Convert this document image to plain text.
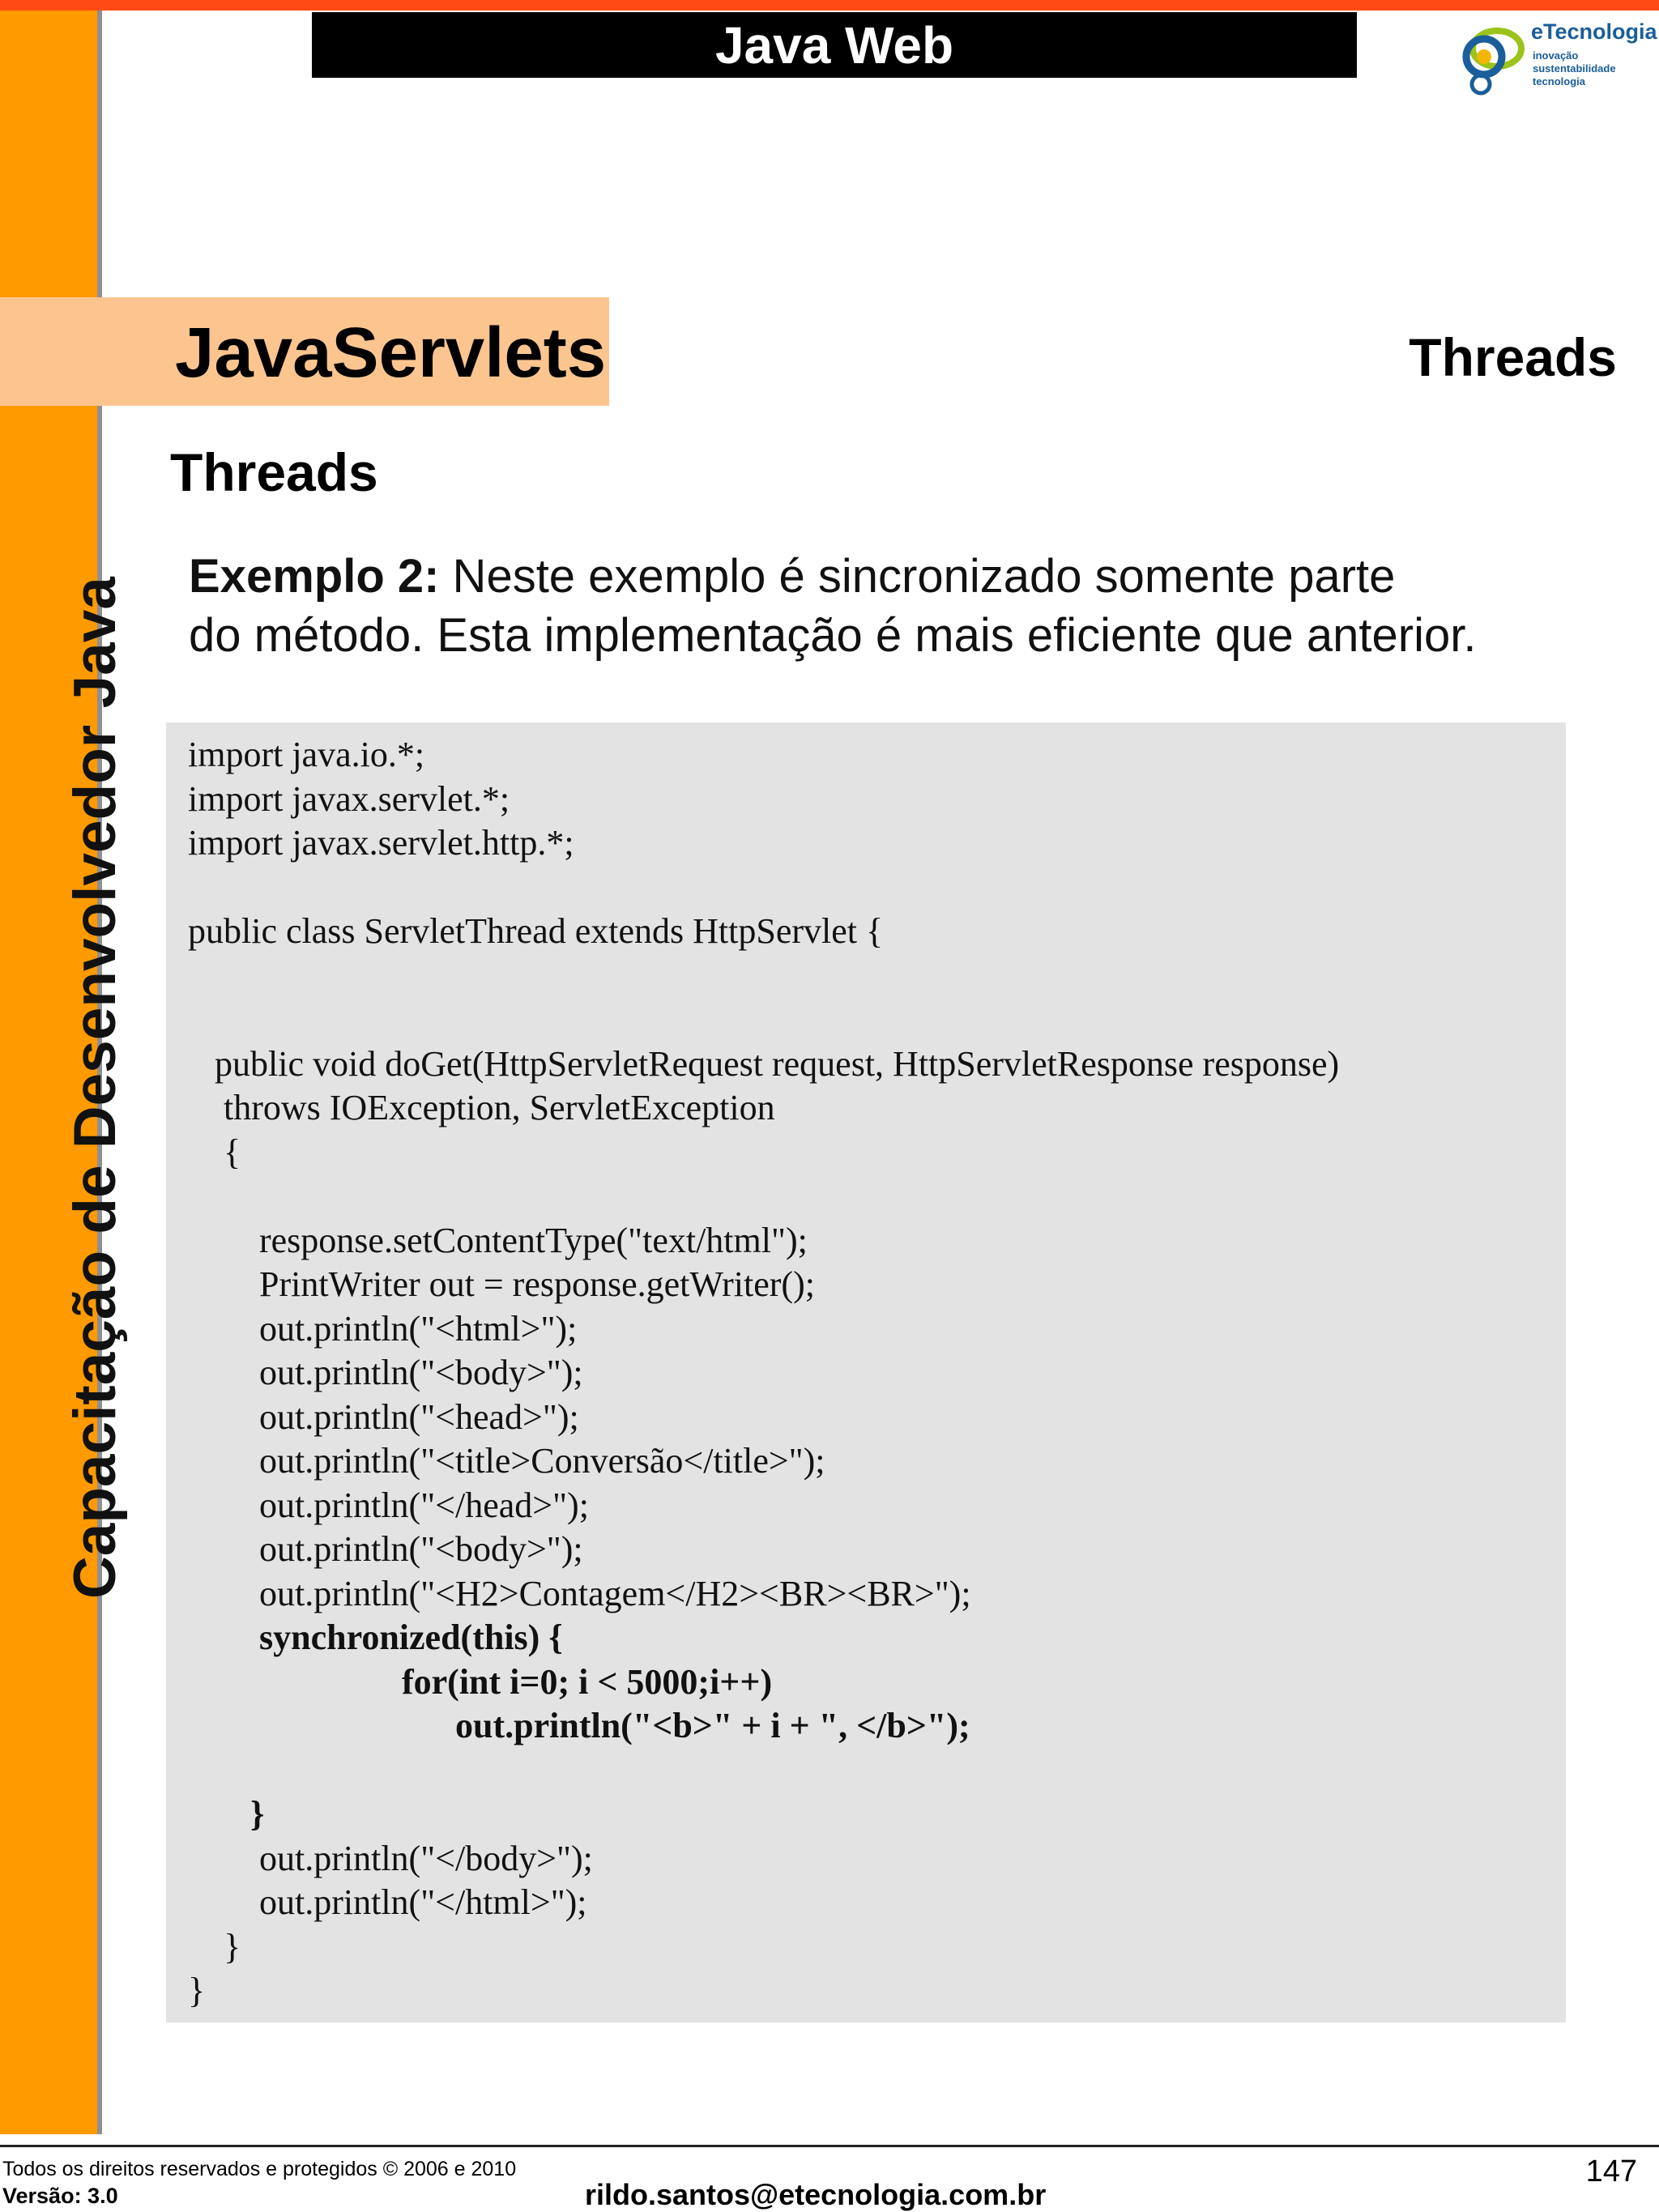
Capacitação de Desenvolvedor Java
Java Web	eTecnologia
inovação
sustentabilidade
tecnologia
JavaServlets	Threads
Threads
Exemplo 2: Neste exemplo é sincronizado somente parte
do método. Esta implementação é mais eficiente que anterior.
import java.io.*;
import javax.servlet.*;
import javax.servlet.http.*;
public class ServletThread extends HttpServlet {
public void doGet(HttpServletRequest request, HttpServletResponse response)
throws IOException, ServletException
{
response.setContentType("text/html");
PrintWriter out = response.getWriter();
out.println("<html>");
out.println("<body>");
out.println("<head>");
out.println("<title>Conversão</title>");
out.println("</head>");
out.println("<body>");
out.println("<H2>Contagem</H2><BR><BR>");
synchronized(this) {
for(int i=0; i < 5000;i++)
out.println("<b>" + i + ", </b>");
}
out.println("</body>");
out.println("</html>");
}
}
Todos os direitos reservados e protegidos © 2006 e 2010
Versão: 3.0	rildo.santos@etecnologia.com.br
147
